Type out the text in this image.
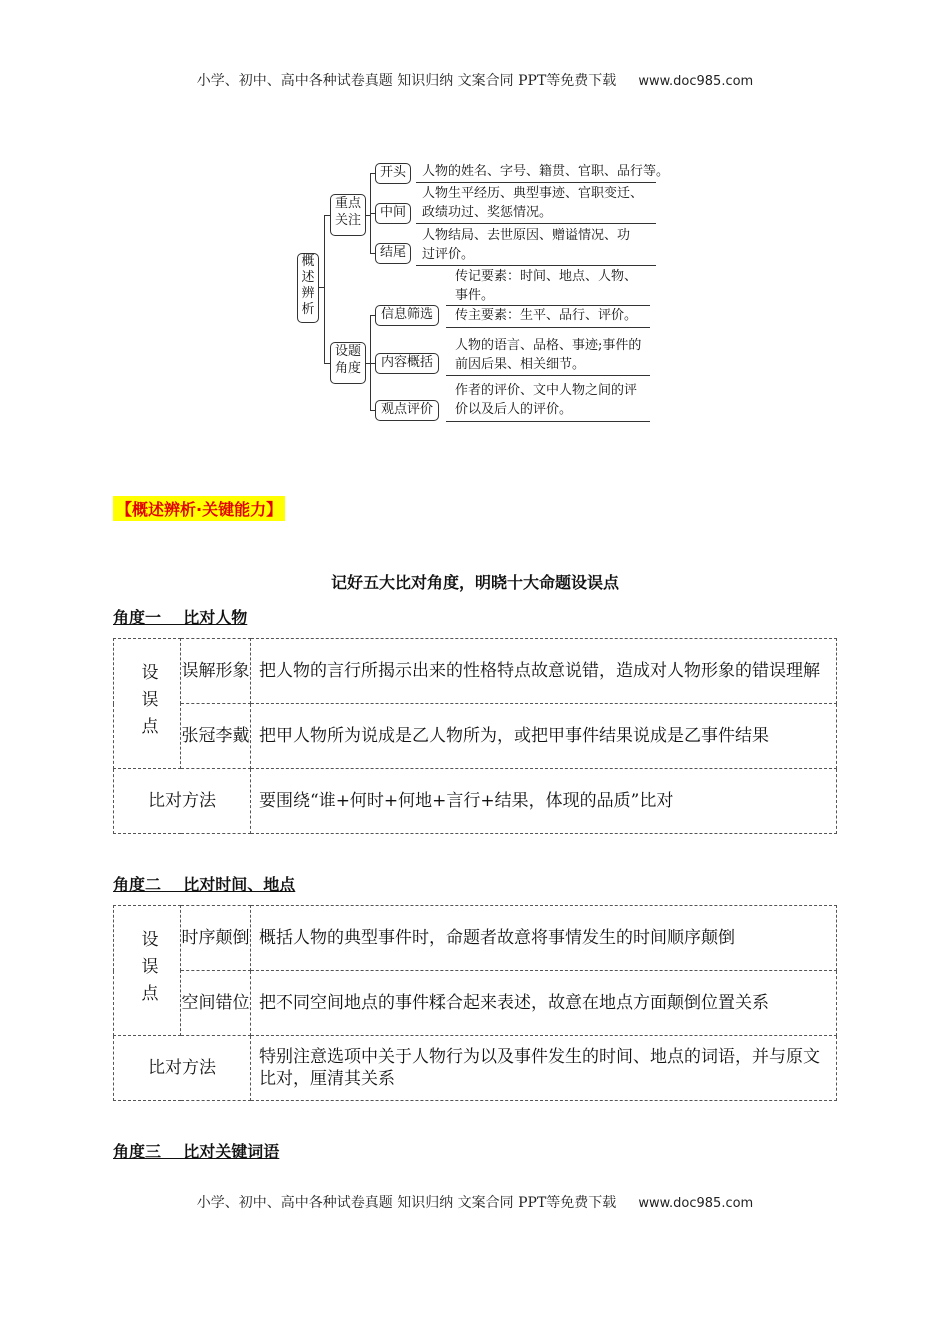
小学、初中、高中各种试卷真题 知识归纳 文案合同 PPT等免费下载 www.doc985.com
概述辨析
重点关注
设题角度
开头
中间
结尾
信息筛选
内容概括
观点评价
人物的姓名、字号、籍贯、官职、品行等。
人物生平经历、典型事迹、官职变迁、
政绩功过、奖惩情况。
人物结局、去世原因、赠谥情况、功
过评价。
传记要素：时间、地点、人物、
事件。
传主要素：生平、品行、评价。
人物的语言、品格、事迹;事件的
前因后果、相关细节。
作者的评价、文中人物之间的评
价以及后人的评价。
【概述辨析·关键能力】
记好五大比对角度，明晓十大命题设误点
角度一    比对人物
设误点	误解形象	把人物的言行所揭示出来的性格特点故意说错，造成对人物形象的错误理解
	张冠李戴	把甲人物所为说成是乙人物所为，或把甲事件结果说成是乙事件结果
比对方法		要围绕“谁+何时+何地+言行+结果，体现的品质”比对
角度二    比对时间、地点
设误点	时序颠倒	概括人物的典型事件时，命题者故意将事情发生的时间顺序颠倒
	空间错位	把不同空间地点的事件糅合起来表述，故意在地点方面颠倒位置关系
比对方法		特别注意选项中关于人物行为以及事件发生的时间、地点的词语，并与原文比对，厘清其关系
角度三    比对关键词语
小学、初中、高中各种试卷真题 知识归纳 文案合同 PPT等免费下载 www.doc985.com
